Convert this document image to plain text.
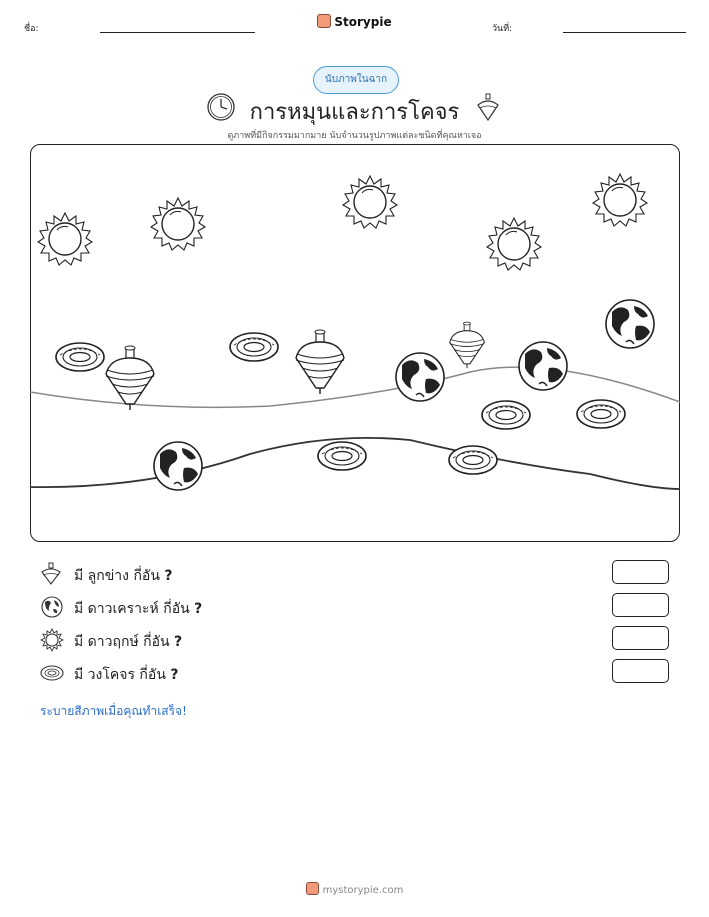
ชื่อ:	Storypie	วันที่:
นับภาพในฉาก
การหมุนและการโคจร
ดูภาพที่มีกิจกรรมมากมาย นับจำนวนรูปภาพแต่ละชนิดที่คุณหาเจอ
มี ลูกข่าง กี่อัน ?
มี ดาวเคราะห์ กี่อัน ?
มี ดาวฤกษ์ กี่อัน ?
มี วงโคจร กี่อัน ?
ระบายสีภาพเมื่อคุณทำเสร็จ!
mystorypie.com
